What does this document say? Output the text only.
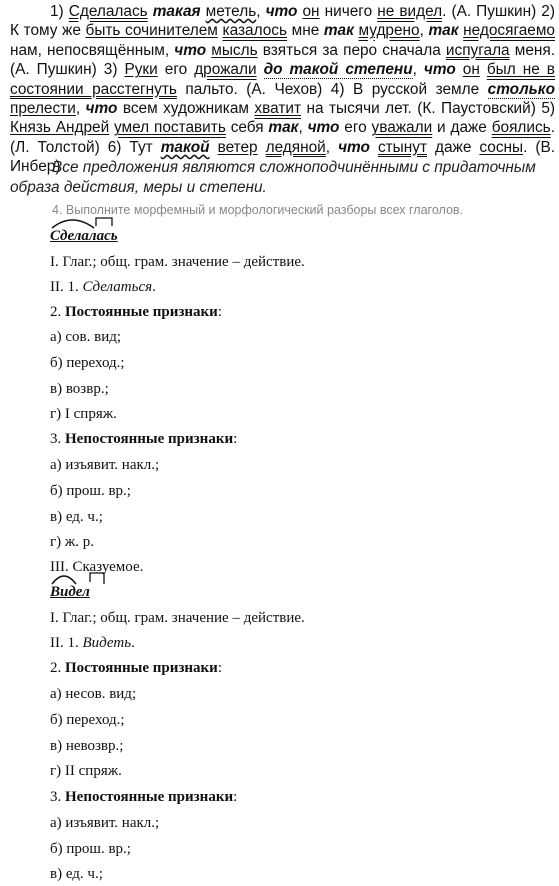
1) Сделалась такая метель, что он ничего не видел. (А. Пушкин) 2) К тому же быть сочинителем казалось мне так мудрено, так недосягаемо нам, непосвящённым, что мысль взяться за перо сначала испугала меня. (А. Пушкин) 3) Руки его дрожали до такой степени, что он был не в состоянии расстегнуть пальто. (А. Чехов) 4) В русской земле столько прелести, что всем художникам хватит на тысячи лет. (К. Паустовский) 5) Князь Андрей умел поставить себя так, что его уважали и даже боялись. (Л. Толстой) 6) Тут такой ветер ледяной, что стынут даже сосны. (В. Инбер)
Все предложения являются сложноподчинёнными с придаточным образа действия, меры и степени.
4. Выполните морфемный и морфологический разборы всех глаголов.
Сделалась
I. Глаг.; общ. грам. значение – действие.
II. 1. Сделаться.
2. Постоянные признаки:
а) сов. вид;
б) переход.;
в) возвр.;
г) I спряж.
3. Непостоянные признаки:
а) изъявит. накл.;
б) прош. вр.;
в) ед. ч.;
г) ж. р.
III. Сказуемое.
Видел
I. Глаг.; общ. грам. значение – действие.
II. 1. Видеть.
2. Постоянные признаки:
а) несов. вид;
б) переход.;
в) невозвр.;
г) II спряж.
3. Непостоянные признаки:
а) изъявит. накл.;
б) прош. вр.;
в) ед. ч.;
